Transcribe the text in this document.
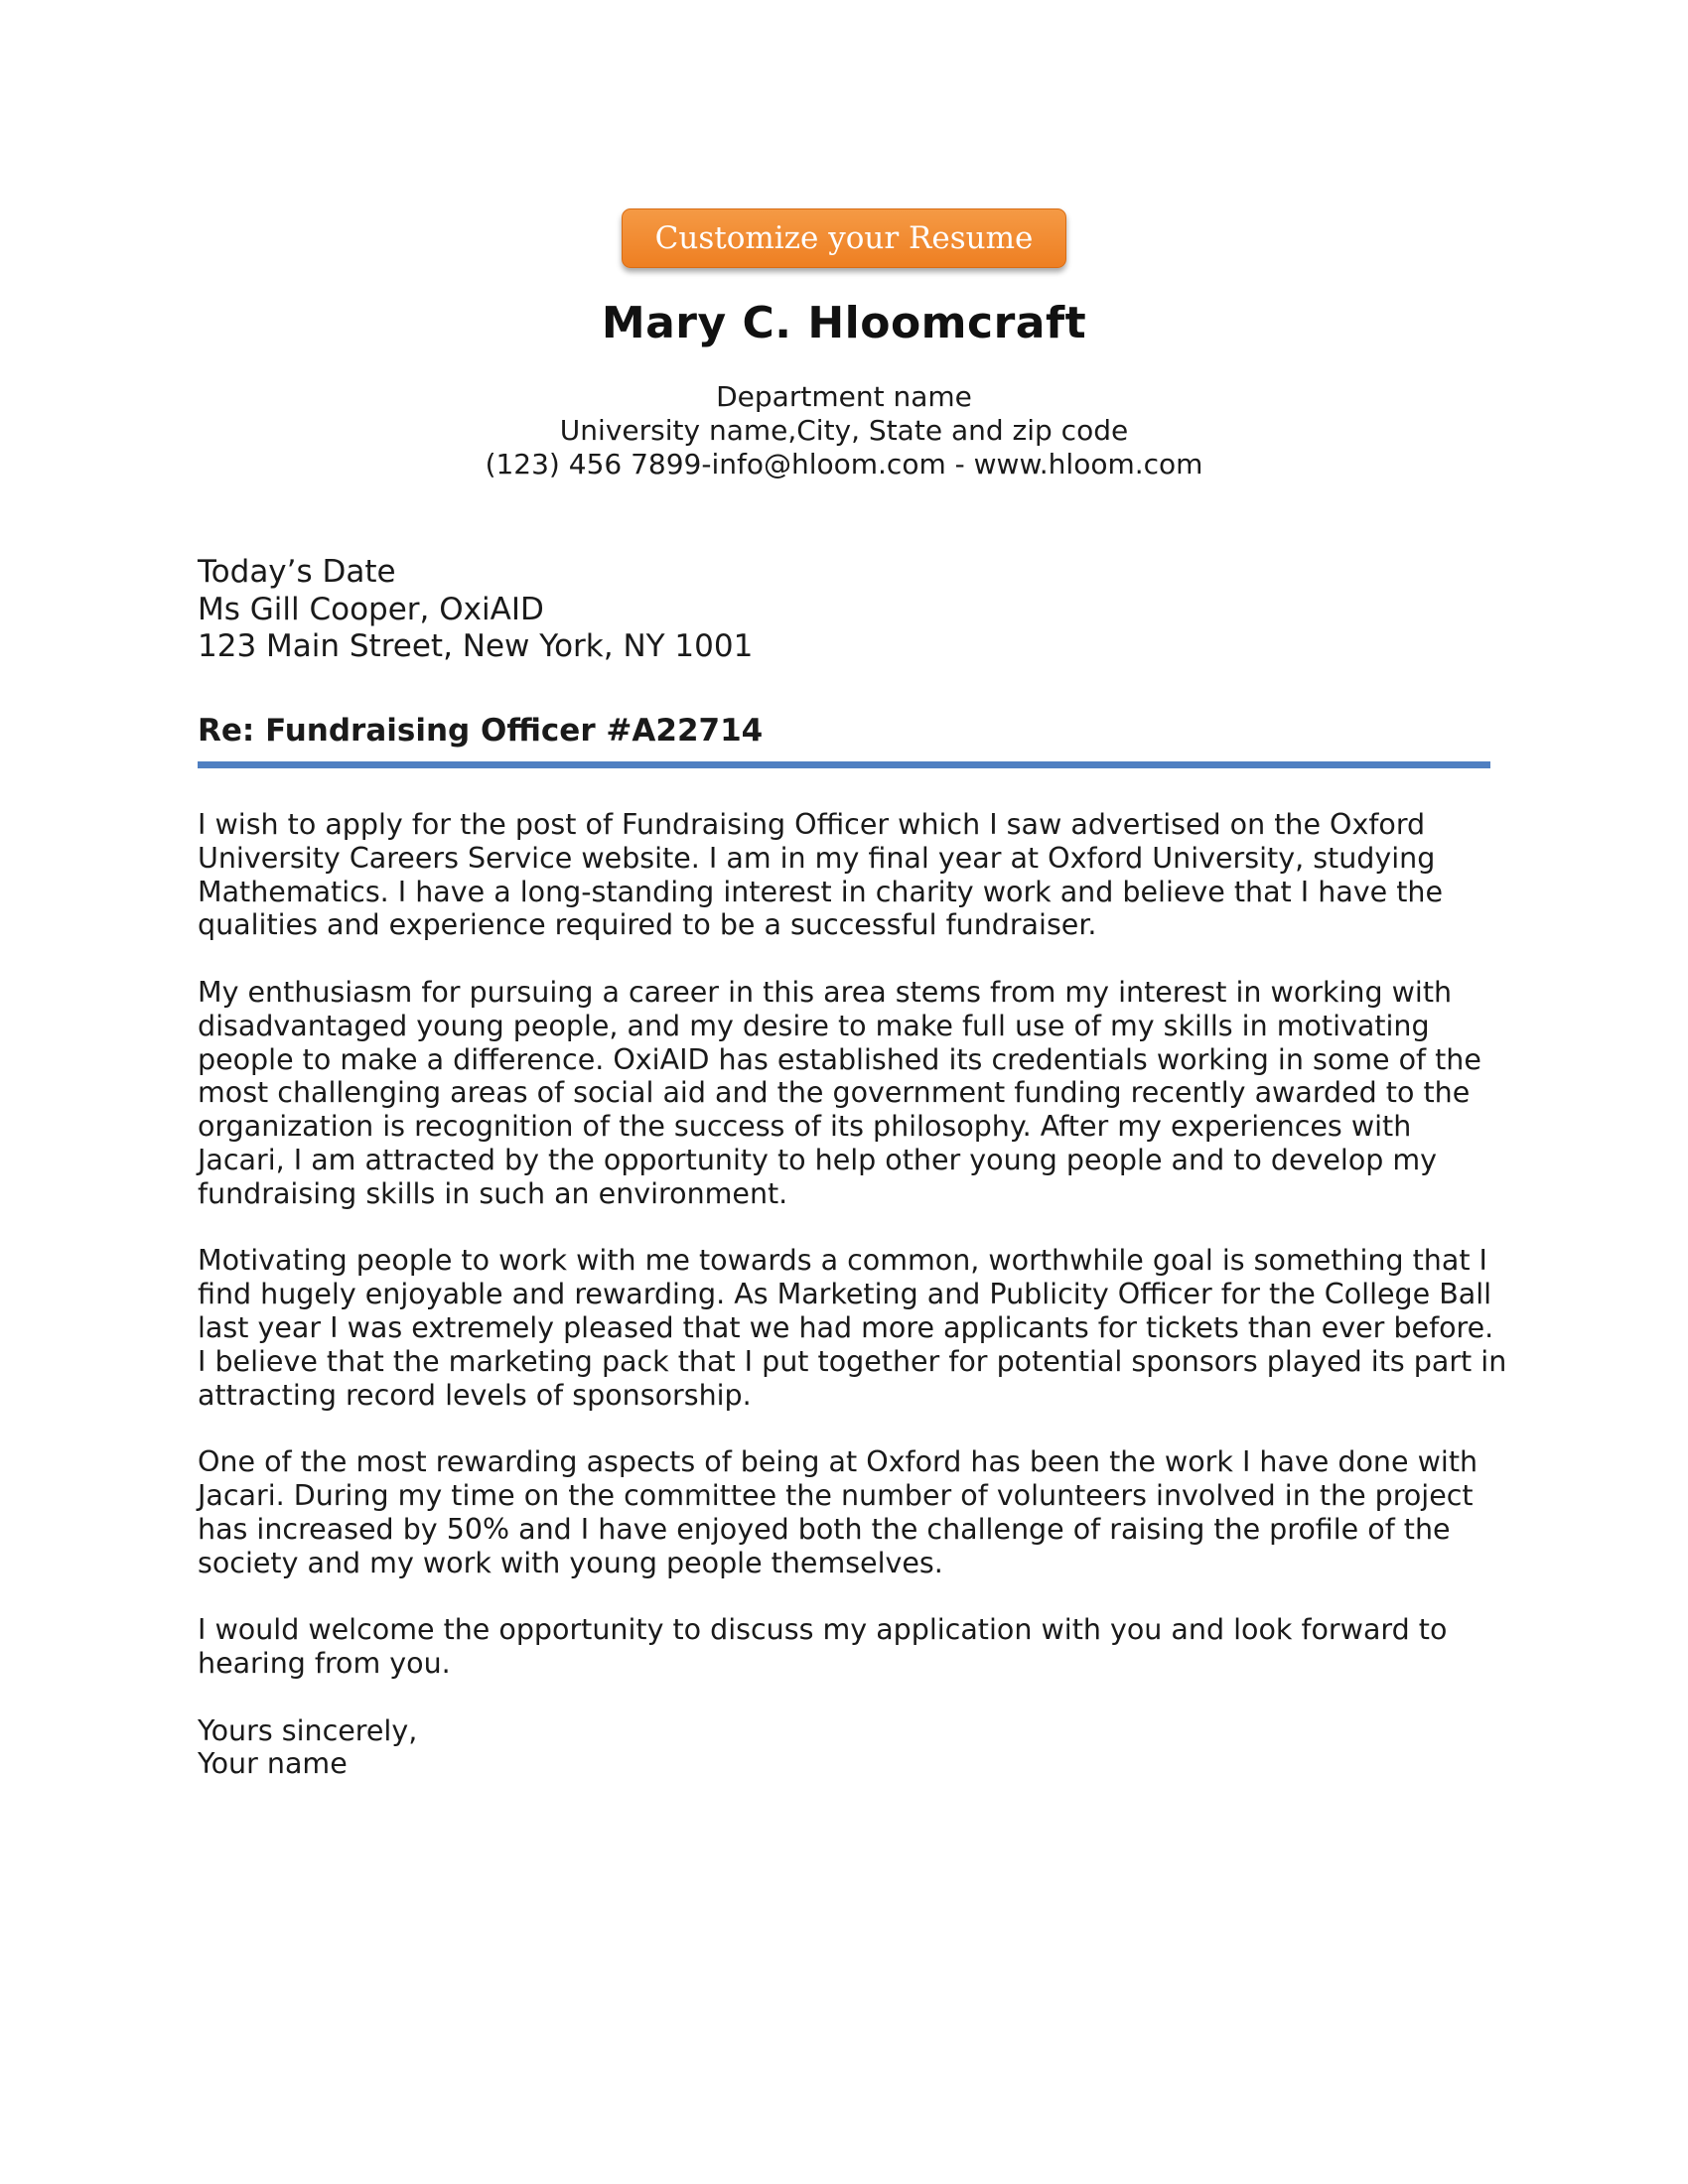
Customize your Resume
Mary C. Hloomcraft
Department name
University name,City, State and zip code
(123) 456 7899-info@hloom.com - www.hloom.com
Today’s Date
Ms Gill Cooper, OxiAID
123 Main Street, New York, NY 1001
Re: Fundraising Officer #A22714

I wish to apply for the post of Fundraising Officer which I saw advertised on the Oxford
University Careers Service website. I am in my final year at Oxford University, studying
Mathematics. I have a long-standing interest in charity work and believe that I have the
qualities and experience required to be a successful fundraiser.

My enthusiasm for pursuing a career in this area stems from my interest in working with
disadvantaged young people, and my desire to make full use of my skills in motivating
people to make a difference. OxiAID has established its credentials working in some of the
most challenging areas of social aid and the government funding recently awarded to the
organization is recognition of the success of its philosophy. After my experiences with
Jacari, I am attracted by the opportunity to help other young people and to develop my
fundraising skills in such an environment.

Motivating people to work with me towards a common, worthwhile goal is something that I
find hugely enjoyable and rewarding. As Marketing and Publicity Officer for the College Ball
last year I was extremely pleased that we had more applicants for tickets than ever before.
I believe that the marketing pack that I put together for potential sponsors played its part in
attracting record levels of sponsorship.

One of the most rewarding aspects of being at Oxford has been the work I have done with
Jacari. During my time on the committee the number of volunteers involved in the project
has increased by 50% and I have enjoyed both the challenge of raising the profile of the
society and my work with young people themselves.

I would welcome the opportunity to discuss my application with you and look forward to
hearing from you.

Yours sincerely,
Your name
